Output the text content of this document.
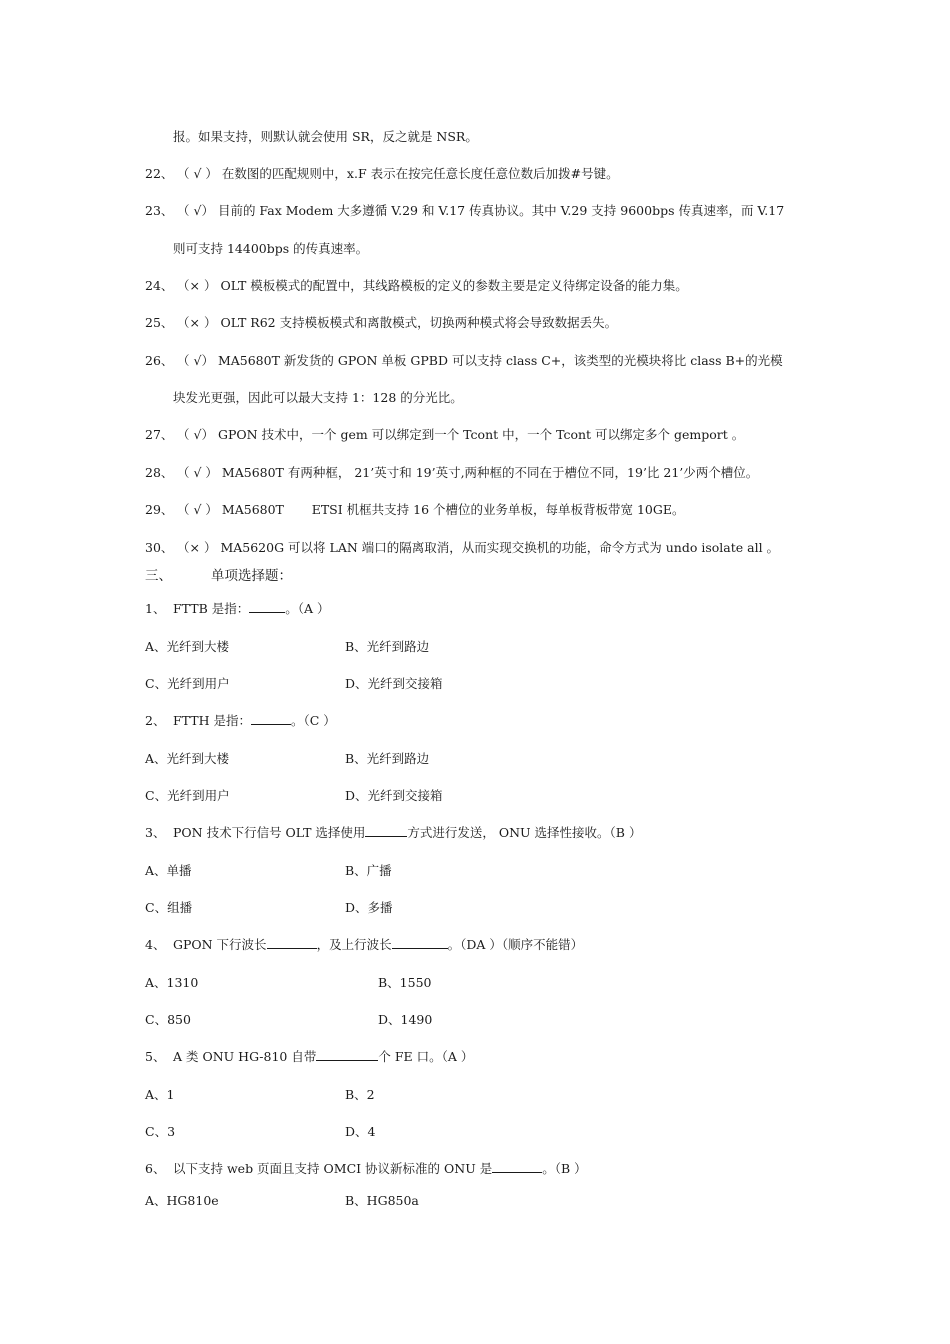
报。如果支持，则默认就会使用 SR，反之就是 NSR。
22、 （ √ ） 在数图的匹配规则中，x.F 表示在按完任意长度任意位数后加拨#号键。
23、 （ √） 目前的 Fax Modem 大多遵循 V.29 和 V.17 传真协议。其中 V.29 支持 9600bps 传真速率，而 V.17
则可支持 14400bps 的传真速率。
24、 （× ） OLT 模板模式的配置中，其线路模板的定义的参数主要是定义待绑定设备的能力集。
25、 （× ） OLT R62 支持模板模式和离散模式，切换两种模式将会导致数据丢失。
26、 （ √） MA5680T 新发货的 GPON 单板 GPBD 可以支持 class C+，该类型的光模块将比 class B+的光模
块发光更强，因此可以最大支持 1：128 的分光比。
27、 （ √） GPON 技术中，一个 gem 可以绑定到一个 Tcont 中，一个 Tcont 可以绑定多个 gemport 。
28、 （ √ ） MA5680T 有两种框， 21’英寸和 19’英寸,两种框的不同在于槽位不同，19’比 21’少两个槽位。
29、 （ √ ） MA5680T       ETSI 机框共支持 16 个槽位的业务单板，每单板背板带宽 10GE。
30、 （× ） MA5620G 可以将 LAN 端口的隔离取消，从而实现交换机的功能，命令方式为 undo isolate all 。
三、	单项选择题：
1、 FTTB 是指：	。（A ）
A、光纤到大楼	B、光纤到路边
C、光纤到用户	D、光纤到交接箱
2、 FTTH 是指：	。（C ）
A、光纤到大楼	B、光纤到路边
C、光纤到用户	D、光纤到交接箱
3、 PON 技术下行信号 OLT 选择使用	方式进行发送， ONU 选择性接收。（B ）
A、单播	B、广播
C、组播	D、多播
4、 GPON 下行波长	，及上行波长	。（DA ）（顺序不能错）
A、1310	B、1550
C、850	D、1490
5、 A 类 ONU HG-810 自带	个 FE 口。（A ）
A、1	B、2
C、3	D、4
6、 以下支持 web 页面且支持 OMCI 协议新标准的 ONU 是	。（B ）
A、HG810e	B、HG850a
